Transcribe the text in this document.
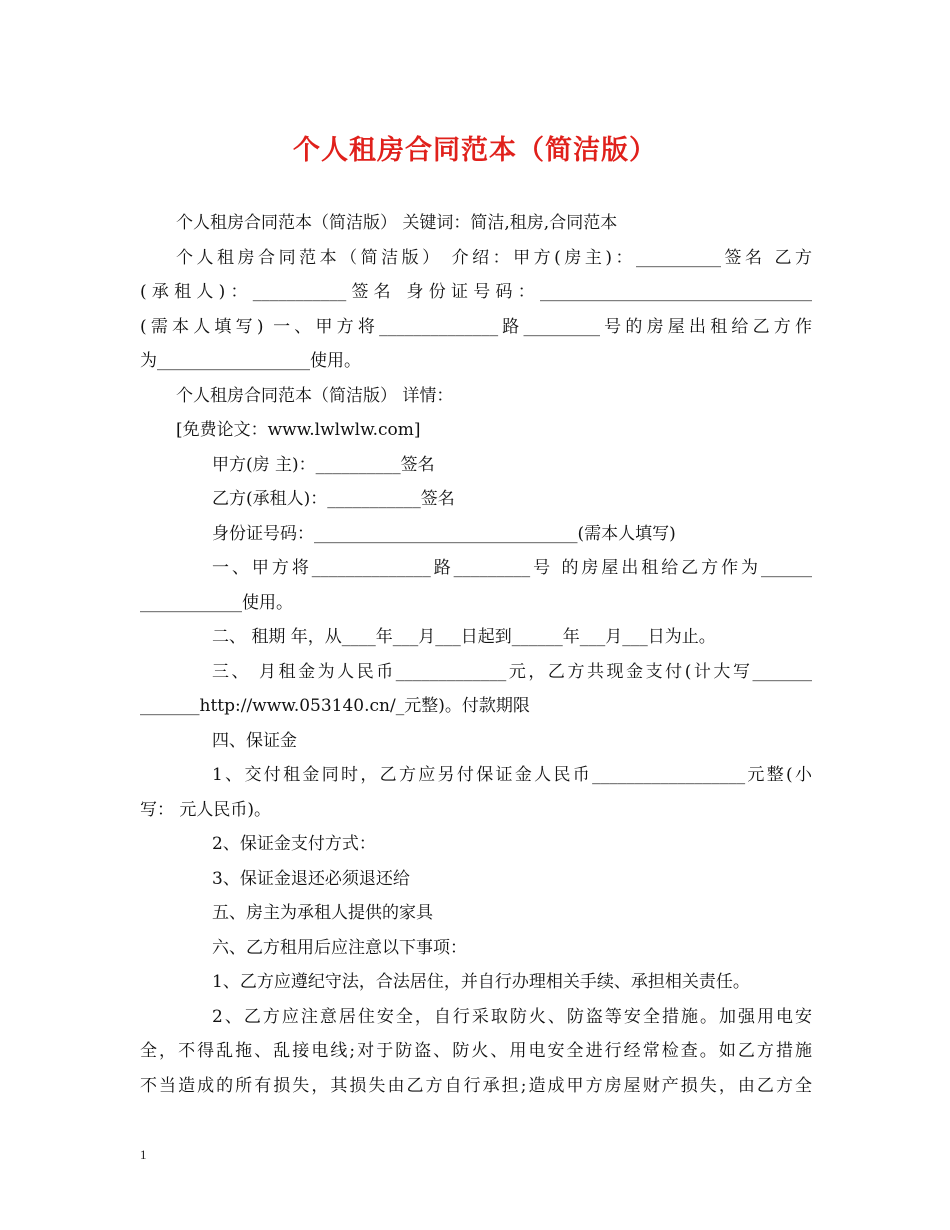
个人租房合同范本（简洁版）
个人租房合同范本（简洁版） 关键词：简洁,租房,合同范本
个人租房合同范本（简洁版） 介绍：甲方(房主)：__________签名 乙方
(承租人)：___________签名 身份证号码：________________________________
(需本人填写) 一、甲方将______________路_________号的房屋出租给乙方作
为__________________使用。
个人租房合同范本（简洁版） 详情：
[免费论文：www.lwlwlw.com]
甲方(房 主)：__________签名
乙方(承租人)：___________签名
身份证号码：_______________________________(需本人填写)
一、甲方将______________路_________号 的房屋出租给乙方作为______
____________使用。
二、 租期 年，从____年___月___日起到______年___月___日为止。
三、 月租金为人民币_____________元，乙方共现金支付(计大写_______
_______http://www.053140.cn/_元整)。付款期限
四、保证金
1、交付租金同时，乙方应另付保证金人民币__________________元整(小
写： 元人民币)。
2、保证金支付方式：
3、保证金退还必须退还给
五、房主为承租人提供的家具
六、乙方租用后应注意以下事项：
1、乙方应遵纪守法，合法居住，并自行办理相关手续、承担相关责任。
2、乙方应注意居住安全，自行采取防火、防盗等安全措施。加强用电安
全，不得乱拖、乱接电线;对于防盗、防火、用电安全进行经常检查。如乙方措施
不当造成的所有损失，其损失由乙方自行承担;造成甲方房屋财产损失，由乙方全
1
